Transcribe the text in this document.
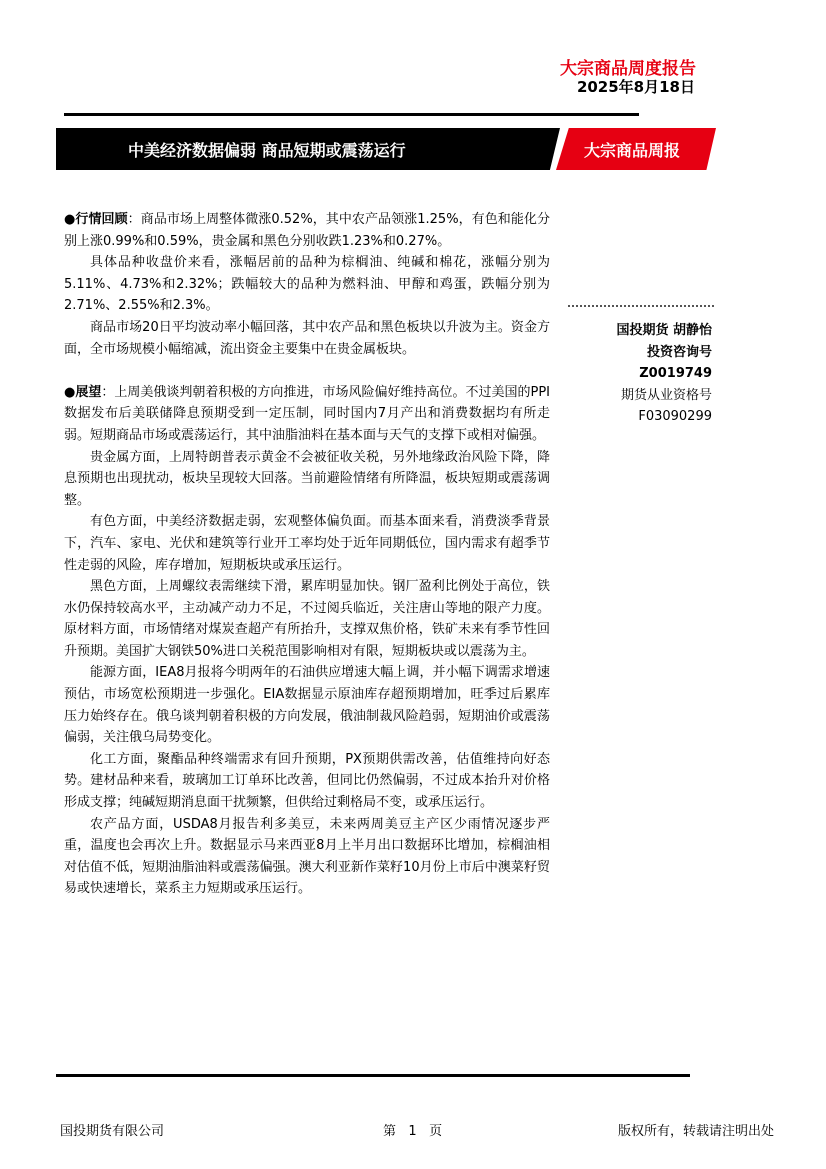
大宗商品周度报告
2025年8月18日
中美经济数据偏弱 商品短期或震荡运行	大宗商品周报

●行情回顾：商品市场上周整体微涨0.52%，其中农产品领涨1.25%，有色和能化分别上涨0.99%和0.59%，贵金属和黑色分别收跌1.23%和0.27%。

具体品种收盘价来看，涨幅居前的品种为棕榈油、纯碱和棉花，涨幅分别为5.11%、4.73%和2.32%；跌幅较大的品种为燃料油、甲醇和鸡蛋，跌幅分别为2.71%、2.55%和2.3%。

商品市场20日平均波动率小幅回落，其中农产品和黑色板块以升波为主。资金方面，全市场规模小幅缩减，流出资金主要集中在贵金属板块。

●展望：上周美俄谈判朝着积极的方向推进，市场风险偏好维持高位。不过美国的PPI数据发布后美联储降息预期受到一定压制，同时国内7月产出和消费数据均有所走弱。短期商品市场或震荡运行，其中油脂油料在基本面与天气的支撑下或相对偏强。

贵金属方面，上周特朗普表示黄金不会被征收关税，另外地缘政治风险下降，降息预期也出现扰动，板块呈现较大回落。当前避险情绪有所降温，板块短期或震荡调整。

有色方面，中美经济数据走弱，宏观整体偏负面。而基本面来看，消费淡季背景下，汽车、家电、光伏和建筑等行业开工率均处于近年同期低位，国内需求有超季节性走弱的风险，库存增加，短期板块或承压运行。

黑色方面，上周螺纹表需继续下滑，累库明显加快。钢厂盈利比例处于高位，铁水仍保持较高水平，主动减产动力不足，不过阅兵临近，关注唐山等地的限产力度。原材料方面，市场情绪对煤炭查超产有所抬升，支撑双焦价格，铁矿未来有季节性回升预期。美国扩大钢铁50%进口关税范围影响相对有限，短期板块或以震荡为主。

能源方面，IEA8月报将今明两年的石油供应增速大幅上调，并小幅下调需求增速预估，市场宽松预期进一步强化。EIA数据显示原油库存超预期增加，旺季过后累库压力始终存在。俄乌谈判朝着积极的方向发展，俄油制裁风险趋弱，短期油价或震荡偏弱，关注俄乌局势变化。

化工方面，聚酯品种终端需求有回升预期，PX预期供需改善，估值维持向好态势。建材品种来看，玻璃加工订单环比改善，但同比仍然偏弱，不过成本抬升对价格形成支撑；纯碱短期消息面干扰频繁，但供给过剩格局不变，或承压运行。

农产品方面，USDA8月报告利多美豆，未来两周美豆主产区少雨情况逐步严重，温度也会再次上升。数据显示马来西亚8月上半月出口数据环比增加，棕榈油相对估值不低，短期油脂油料或震荡偏强。澳大利亚新作菜籽10月份上市后中澳菜籽贸易或快速增长，菜系主力短期或承压运行。

国投期货 胡静怡
投资咨询号
Z0019749
期货从业资格号
F03090299
国投期货有限公司	第   1   页	版权所有，转载请注明出处
